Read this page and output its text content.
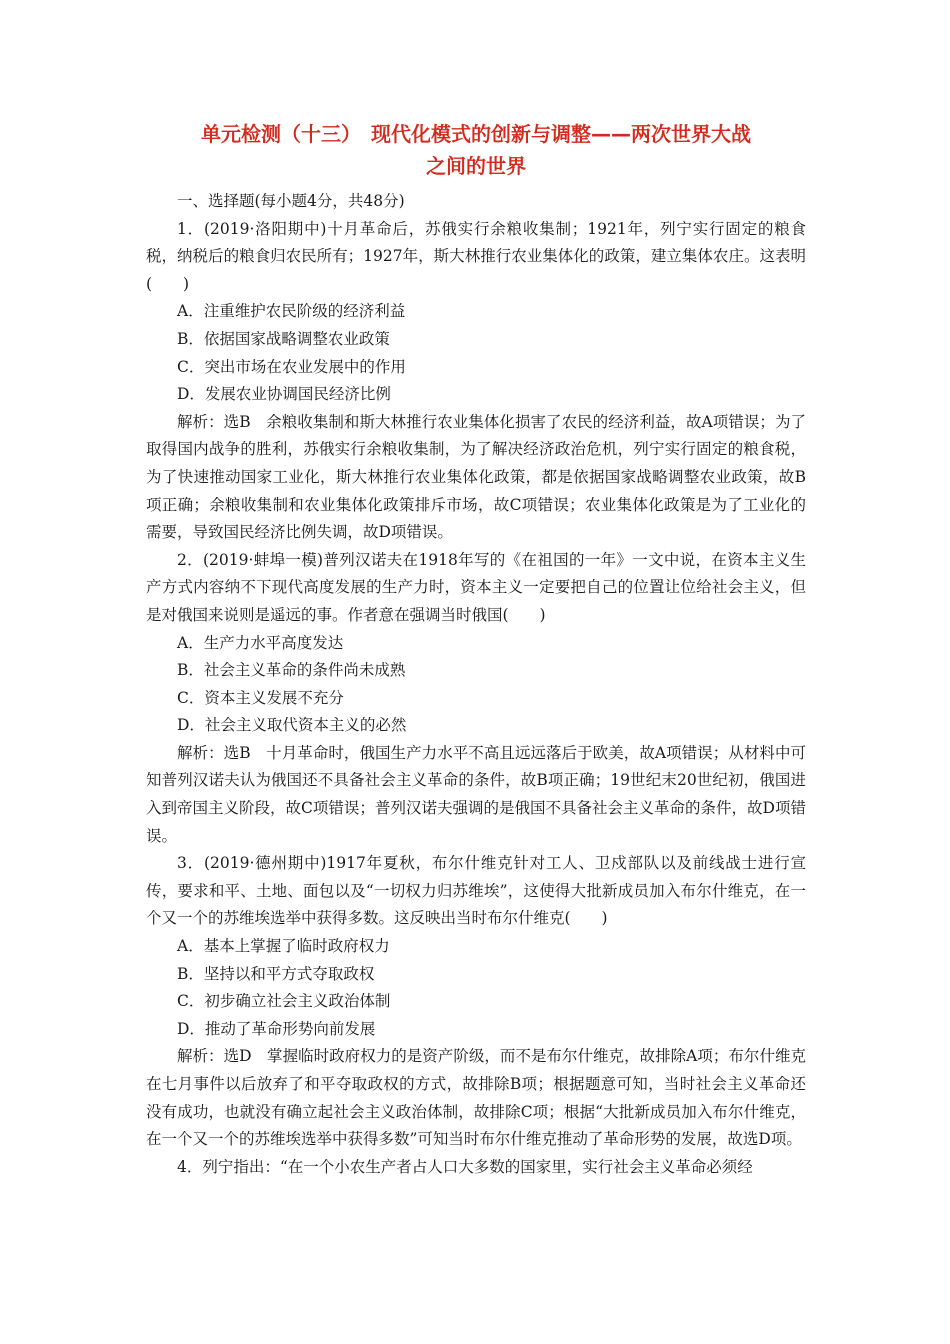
单元检测（十三）　现代化模式的创新与调整——两次世界大战
之间的世界

一、选择题(每小题4分，共48分)

1．(2019·洛阳期中)十月革命后，苏俄实行余粮收集制；1921年，列宁实行固定的粮食税，纳税后的粮食归农民所有；1927年，斯大林推行农业集体化的政策，建立集体农庄。这表明(　　)

A．注重维护农民阶级的经济利益

B．依据国家战略调整农业政策

C．突出市场在农业发展中的作用

D．发展农业协调国民经济比例

解析：选B　余粮收集制和斯大林推行农业集体化损害了农民的经济利益，故A项错误；为了取得国内战争的胜利，苏俄实行余粮收集制，为了解决经济政治危机，列宁实行固定的粮食税，为了快速推动国家工业化，斯大林推行农业集体化政策，都是依据国家战略调整农业政策，故B项正确；余粮收集制和农业集体化政策排斥市场，故C项错误；农业集体化政策是为了工业化的需要，导致国民经济比例失调，故D项错误。

2．(2019·蚌埠一模)普列汉诺夫在1918年写的《在祖国的一年》一文中说，在资本主义生产方式内容纳不下现代高度发展的生产力时，资本主义一定要把自己的位置让位给社会主义，但是对俄国来说则是遥远的事。作者意在强调当时俄国(　　)

A．生产力水平高度发达

B．社会主义革命的条件尚未成熟

C．资本主义发展不充分

D．社会主义取代资本主义的必然

解析：选B　十月革命时，俄国生产力水平不高且远远落后于欧美，故A项错误；从材料中可知普列汉诺夫认为俄国还不具备社会主义革命的条件，故B项正确；19世纪末20世纪初，俄国进入到帝国主义阶段，故C项错误；普列汉诺夫强调的是俄国不具备社会主义革命的条件，故D项错误。

3．(2019·德州期中)1917年夏秋，布尔什维克针对工人、卫戍部队以及前线战士进行宣传，要求和平、土地、面包以及“一切权力归苏维埃”，这使得大批新成员加入布尔什维克，在一个又一个的苏维埃选举中获得多数。这反映出当时布尔什维克(　　)

A．基本上掌握了临时政府权力

B．坚持以和平方式夺取政权

C．初步确立社会主义政治体制

D．推动了革命形势向前发展

解析：选D　掌握临时政府权力的是资产阶级，而不是布尔什维克，故排除A项；布尔什维克在七月事件以后放弃了和平夺取政权的方式，故排除B项；根据题意可知，当时社会主义革命还没有成功，也就没有确立起社会主义政治体制，故排除C项；根据“大批新成员加入布尔什维克，在一个又一个的苏维埃选举中获得多数”可知当时布尔什维克推动了革命形势的发展，故选D项。

4．列宁指出：“在一个小农生产者占人口大多数的国家里，实行社会主义革命必须经
